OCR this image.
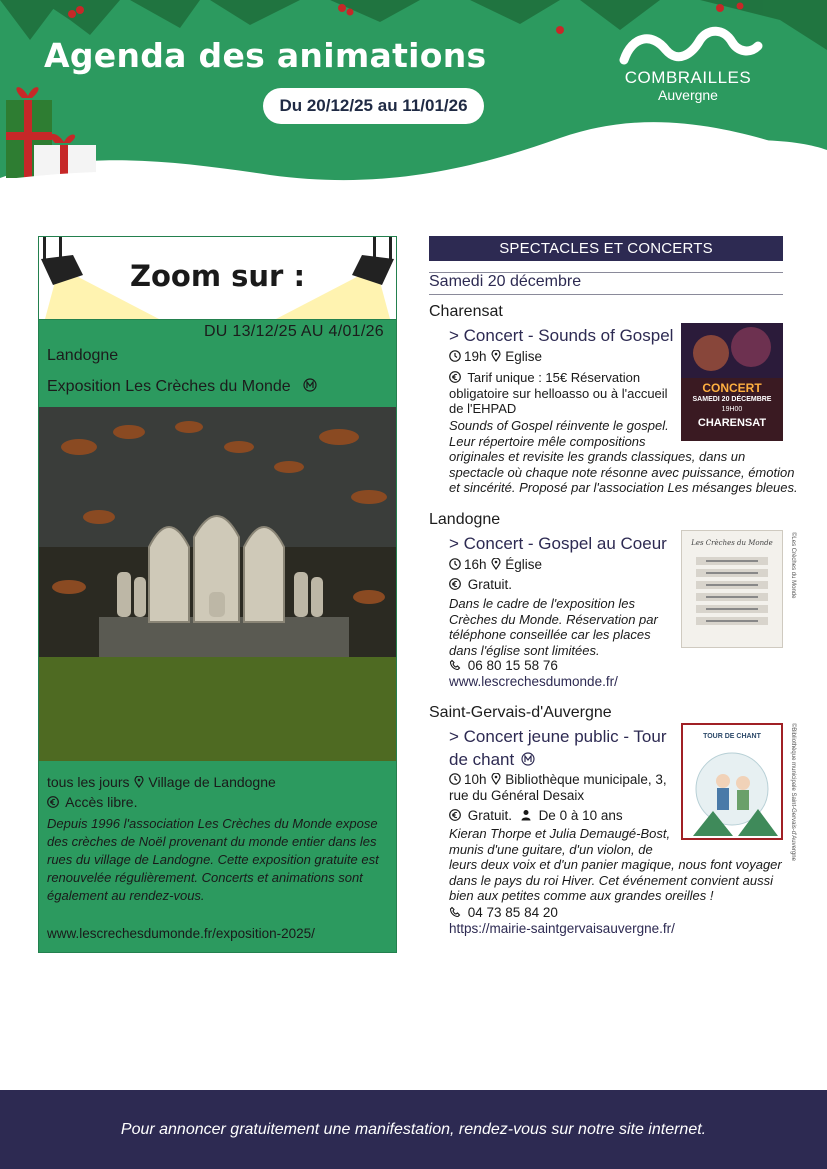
Agenda des animations
Du 20/12/25 au 11/01/26
COMBRAILLES
Auvergne
Zoom sur :
DU 13/12/25 AU 4/01/26
Landogne
Exposition Les Crèches du Monde
tous les jours Village de Landogne
Accès libre.
Depuis 1996 l'association Les Crèches du Monde expose des crèches de Noël provenant du monde entier dans les rues du village de Landogne. Cette exposition gratuite est renouvelée régulièrement. Concerts et animations sont également au rendez-vous.
www.lescrechesdumonde.fr/exposition-2025/
SPECTACLES ET CONCERTS
Samedi 20 décembre
Charensat
> Concert - Sounds of Gospel
19h Eglise
Tarif unique : 15€ Réservation
obligatoire sur helloasso ou à l'accueil
de l'EHPAD
Sounds of Gospel réinvente le gospel.
Leur répertoire mêle compositions
originales et revisite les grands classiques, dans un
spectacle où chaque note résonne avec puissance, émotion
et sincérité. Proposé par l'association Les mésanges bleues.
CONCERT
SAMEDI 20 DÉCEMBRE
19H00
CHARENSAT
Landogne
> Concert - Gospel au Coeur
16h Église
Gratuit.
Dans le cadre de l'exposition les
Crèches du Monde. Réservation par
téléphone conseillée car les places
dans l'église sont limitées.
06 80 15 58 76
www.lescrechesdumonde.fr/
Les Crèches du Monde	©Les Crèches du Monde
Saint-Gervais-d'Auvergne
> Concert jeune public - Tour
de chant
10h Bibliothèque municipale, 3,
rue du Général Desaix
Gratuit. De 0 à 10 ans
Kieran Thorpe et Julia Demaugé-Bost,
munis d'une guitare, d'un violon, de
leurs deux voix et d'un panier magique, nous font voyager
dans le pays du roi Hiver. Cet événement convient aussi
bien aux petites comme aux grandes oreilles !
04 73 85 84 20
https://mairie-saintgervaisauvergne.fr/
TOUR DE CHANT	©Bibliothèque municipale Saint-Gervais-d'Auvergne
Pour annoncer gratuitement une manifestation, rendez-vous sur notre site internet.
